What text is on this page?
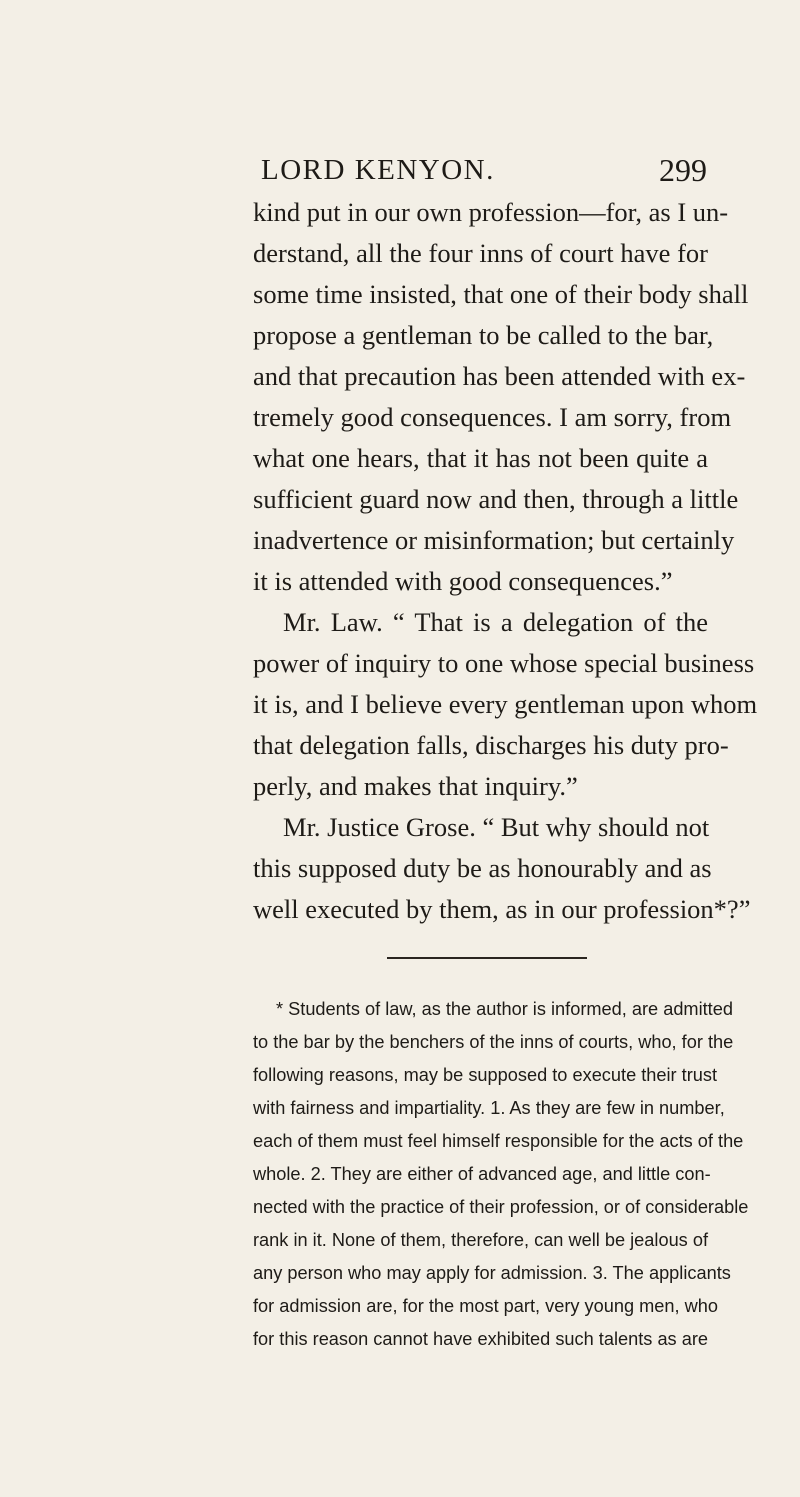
LORD KENYON.	299
kind put in our own profession—for, as I un-
derstand, all the four inns of court have for
some time insisted, that one of their body shall
propose a gentleman to be called to the bar,
and that precaution has been attended with ex-
tremely good consequences. I am sorry, from
what one hears, that it has not been quite a
sufficient guard now and then, through a little
inadvertence or misinformation; but certainly
it is attended with good consequences.”
Mr. Law. “ That is a delegation of the
power of inquiry to one whose special business
it is, and I believe every gentleman upon whom
that delegation falls, discharges his duty pro-
perly, and makes that inquiry.”
Mr. Justice Grose. “ But why should not
this supposed duty be as honourably and as
well executed by them, as in our profession*?”
* Students of law, as the author is informed, are admitted
to the bar by the benchers of the inns of courts, who, for the
following reasons, may be supposed to execute their trust
with fairness and impartiality. 1. As they are few in number,
each of them must feel himself responsible for the acts of the
whole. 2. They are either of advanced age, and little con-
nected with the practice of their profession, or of considerable
rank in it. None of them, therefore, can well be jealous of
any person who may apply for admission. 3. The applicants
for admission are, for the most part, very young men, who
for this reason cannot have exhibited such talents as are
